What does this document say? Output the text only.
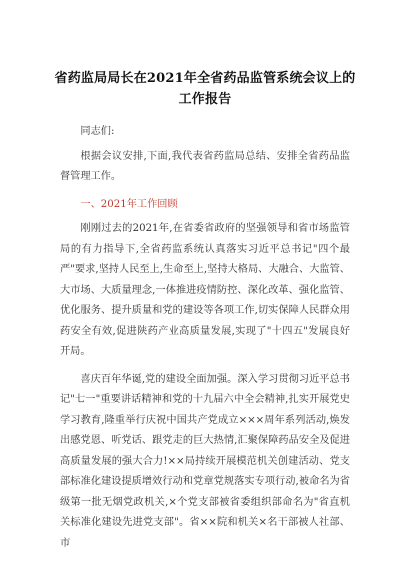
省药监局局长在2021年全省药品监管系统会议上的工作报告

同志们:

根据会议安排,下面,我代表省药监局总结、安排全省药品监督管理工作。

一、2021年工作回顾

刚刚过去的2021年,在省委省政府的坚强领导和省市场监管局的有力指导下,全省药监系统认真落实习近平总书记"四个最严"要求,坚持人民至上,生命至上,坚持大格局、大融合、大监管、大市场、大质量理念,一体推进疫情防控、深化改革、强化监管、优化服务、提升质量和党的建设等各项工作,切实保障人民群众用药安全有效,促进陕药产业高质量发展,实现了"十四五"发展良好开局。

喜庆百年华诞,党的建设全面加强。深入学习贯彻习近平总书记"七一"重要讲话精神和党的十九届六中全会精神,扎实开展党史学习教育,隆重举行庆祝中国共产党成立×××周年系列活动,焕发出感党恩、听党话、跟党走的巨大热情,汇聚保障药品安全及促进高质量发展的强大合力!××局持续开展模范机关创建活动、党支部标准化建设提质增效行动和党章党规落实专项行动,被命名为省级第一批无烟党政机关,×个党支部被省委组织部命名为"省直机关标准化建设先进党支部"。省××院和机关×名干部被人社部、市
